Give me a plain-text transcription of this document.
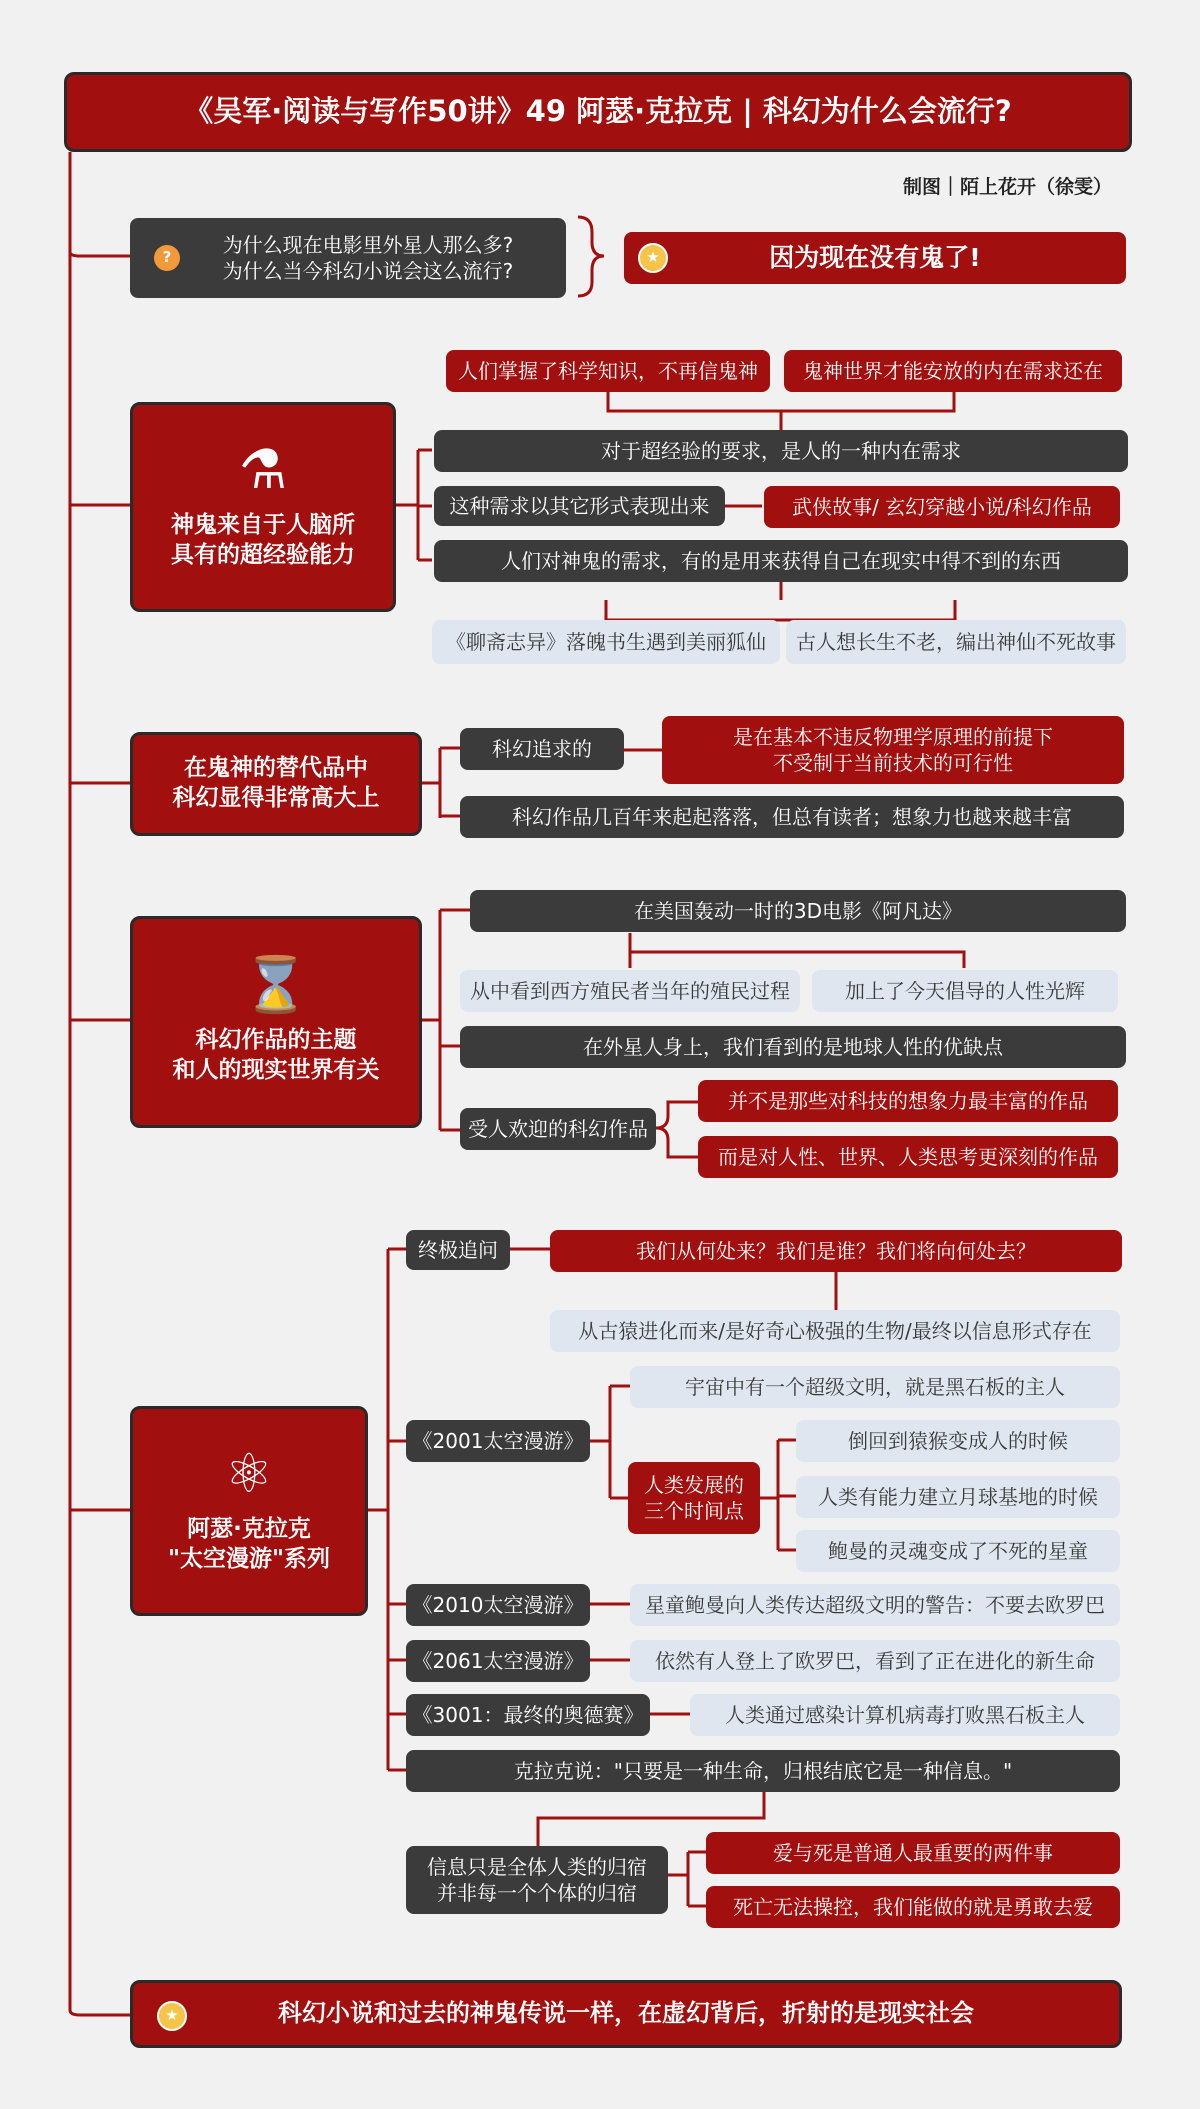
《吴军·阅读与写作50讲》49 阿瑟·克拉克 | 科幻为什么会流行?
制图｜陌上花开（徐雯）
?
为什么现在电影里外星人那么多?
为什么当今科幻小说会这么流行?
★	因为现在没有鬼了!
⚗
神鬼来自于人脑所
具有的超经验能力
人们掌握了科学知识，不再信鬼神	鬼神世界才能安放的内在需求还在
对于超经验的要求，是人的一种内在需求
这种需求以其它形式表现出来	武侠故事/ 玄幻穿越小说/科幻作品
人们对神鬼的需求，有的是用来获得自己在现实中得不到的东西
《聊斋志异》落魄书生遇到美丽狐仙	古人想长生不老，编出神仙不死故事
在鬼神的替代品中
科幻显得非常高大上
科幻追求的	是在基本不违反物理学原理的前提下
不受制于当前技术的可行性
科幻作品几百年来起起落落，但总有读者；想象力也越来越丰富
⌛
科幻作品的主题
和人的现实世界有关
在美国轰动一时的3D电影《阿凡达》
从中看到西方殖民者当年的殖民过程	加上了今天倡导的人性光辉
在外星人身上，我们看到的是地球人性的优缺点
受人欢迎的科幻作品
并不是那些对科技的想象力最丰富的作品
而是对人性、世界、人类思考更深刻的作品
⚛
阿瑟·克拉克
"太空漫游"系列
终极追问	我们从何处来？我们是谁？我们将向何处去？
从古猿进化而来/是好奇心极强的生物/最终以信息形式存在
《2001太空漫游》
宇宙中有一个超级文明，就是黑石板的主人
人类发展的
三个时间点
倒回到猿猴变成人的时候
人类有能力建立月球基地的时候
鲍曼的灵魂变成了不死的星童
《2010太空漫游》	星童鲍曼向人类传达超级文明的警告：不要去欧罗巴
《2061太空漫游》	依然有人登上了欧罗巴，看到了正在进化的新生命
《3001：最终的奥德赛》	人类通过感染计算机病毒打败黑石板主人
克拉克说："只要是一种生命，归根结底它是一种信息。"
信息只是全体人类的归宿
并非每一个个体的归宿
爱与死是普通人最重要的两件事
死亡无法操控，我们能做的就是勇敢去爱
★	科幻小说和过去的神鬼传说一样，在虚幻背后，折射的是现实社会
